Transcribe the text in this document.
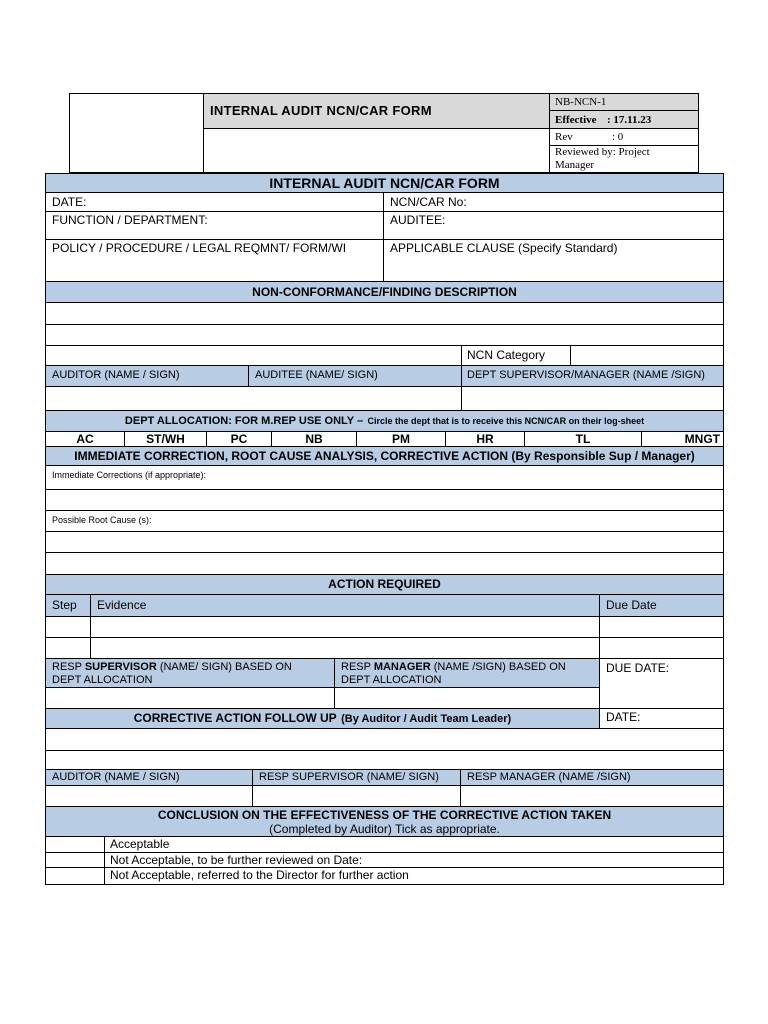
INTERNAL AUDIT NCN/CAR FORM
NB-NCN-1
Effective : 17.11.23
Rev	: 0
Reviewed by: Project Manager
INTERNAL AUDIT NCN/CAR FORM
DATE:	NCN/CAR No:
FUNCTION / DEPARTMENT:	AUDITEE:
POLICY / PROCEDURE / LEGAL REQMNT/ FORM/WI	APPLICABLE CLAUSE (Specify Standard)
NON-CONFORMANCE/FINDING DESCRIPTION
NCN Category
AUDITOR (NAME / SIGN)	AUDITEE (NAME/ SIGN)	DEPT SUPERVISOR/MANAGER (NAME /SIGN)
DEPT ALLOCATION: FOR M.REP USE ONLY – Circle the dept that is to receive this NCN/CAR on their log-sheet
AC	ST/WH	PC	NB	PM	HR	TL	MNGT
IMMEDIATE CORRECTION, ROOT CAUSE ANALYSIS, CORRECTIVE ACTION (By Responsible Sup / Manager)
Immediate Corrections (if appropriate):
Possible Root Cause (s):
ACTION REQUIRED
Step Evidence	Due Date
RESP SUPERVISOR (NAME/ SIGN) BASED ON
DEPT ALLOCATION
RESP MANAGER (NAME /SIGN) BASED ON
DEPT ALLOCATION
DUE DATE:
CORRECTIVE ACTION FOLLOW UP (By Auditor / Audit Team Leader)	DATE:
AUDITOR (NAME / SIGN)	RESP SUPERVISOR (NAME/ SIGN)	RESP MANAGER (NAME /SIGN)
CONCLUSION ON THE EFFECTIVENESS OF THE CORRECTIVE ACTION TAKEN
(Completed by Auditor) Tick as appropriate.
Acceptable
Not Acceptable, to be further reviewed on Date:
Not Acceptable, referred to the Director for further action
